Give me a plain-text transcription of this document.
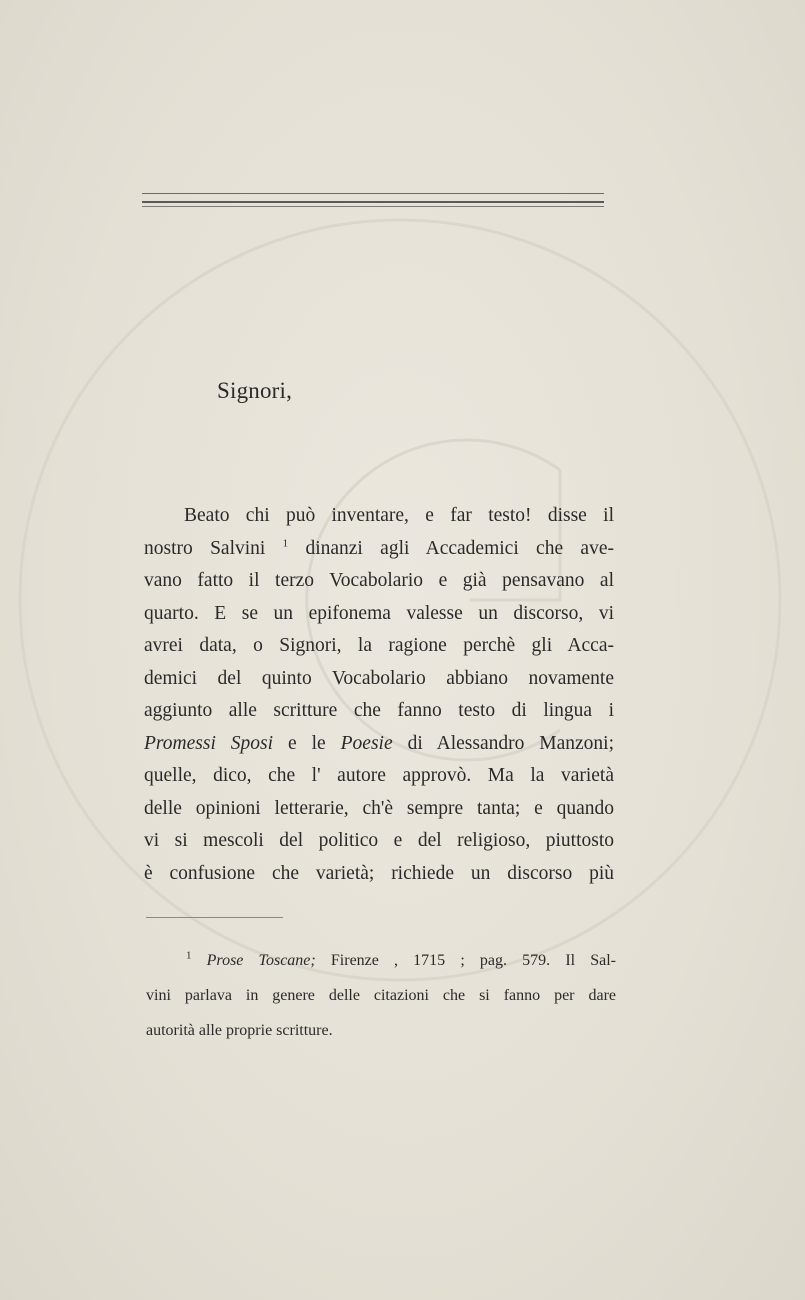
Signori,
Beato chi può inventare, e far testo! disse il
nostro Salvini $^1$ dinanzi agli Accademici che ave-
vano fatto il terzo Vocabolario e già pensavano al
quarto. E se un epifonema valesse un discorso, vi
avrei data, o Signori, la ragione perchè gli Acca-
demici del quinto Vocabolario abbiano novamente
aggiunto alle scritture che fanno testo di lingua i
Promessi Sposi e le Poesie di Alessandro Manzoni;
quelle, dico, che l' autore approvò. Ma la varietà
delle opinioni letterarie, ch'è sempre tanta; e quando
vi si mescoli del politico e del religioso, piuttosto
è confusione che varietà; richiede un discorso più
$^1$ Prose Toscane; Firenze , 1715 ; pag. 579. Il Sal-
vini parlava in genere delle citazioni che si fanno per dare
autorità alle proprie scritture.
